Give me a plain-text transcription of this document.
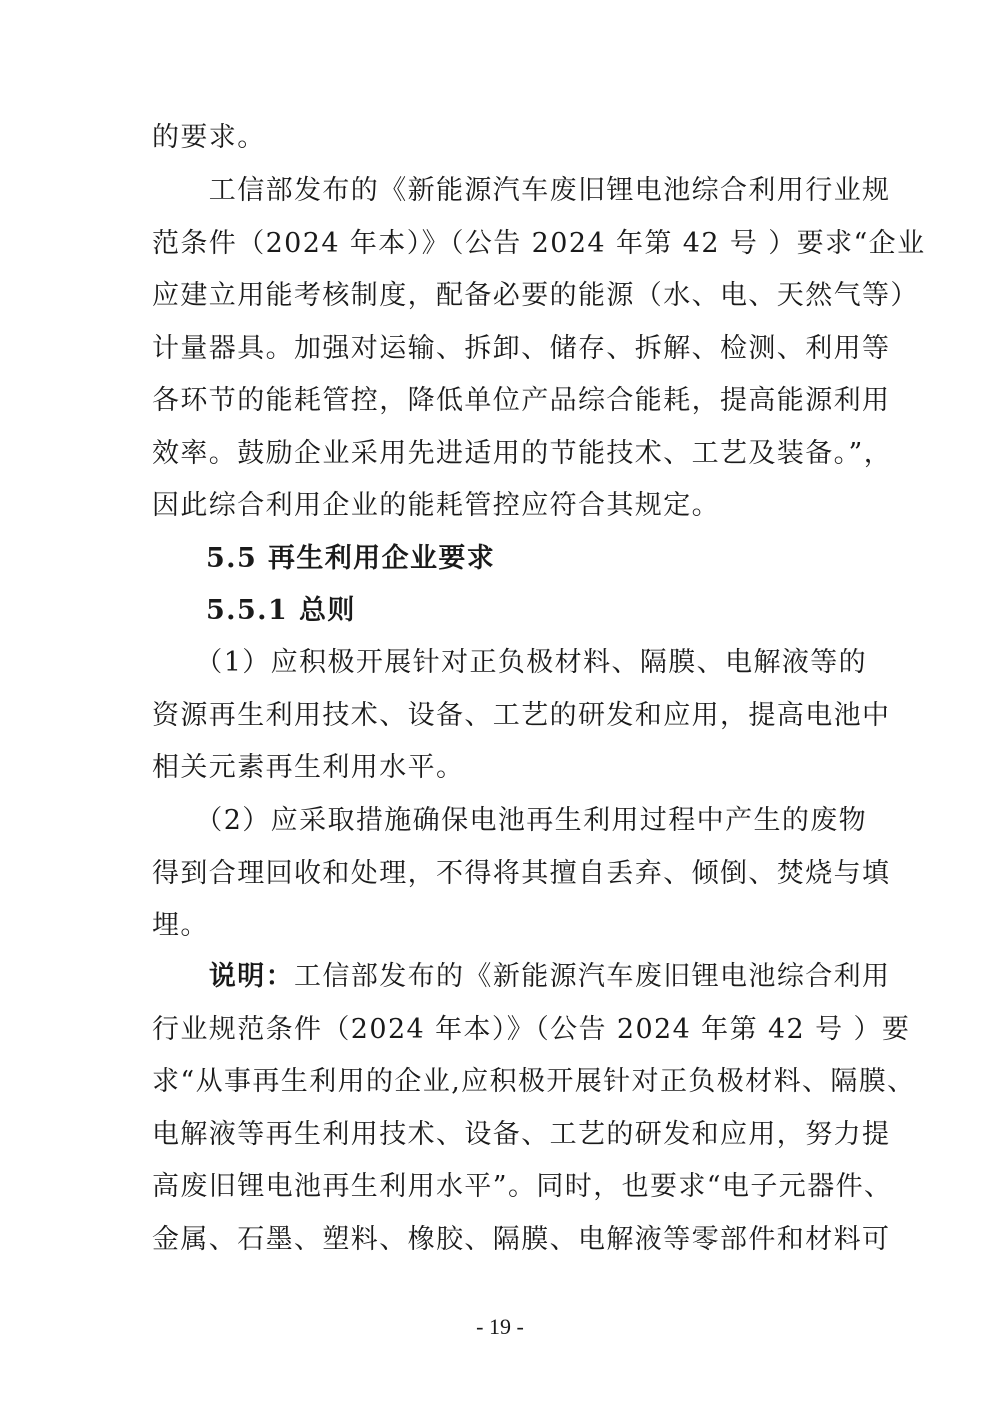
的要求。
　　工信部发布的《新能源汽车废旧锂电池综合利用行业规
范条件（2024 年本）》（公告 2024 年第 42 号 ）要求“企业
应建立用能考核制度，配备必要的能源（水、电、天然气等）
计量器具。加强对运输、拆卸、储存、拆解、检测、利用等
各环节的能耗管控，降低单位产品综合能耗，提高能源利用
效率。鼓励企业采用先进适用的节能技术、工艺及装备。”，
因此综合利用企业的能耗管控应符合其规定。
5.5 再生利用企业要求
5.5.1 总则
　　（1）应积极开展针对正负极材料、隔膜、电解液等的
资源再生利用技术、设备、工艺的研发和应用，提高电池中
相关元素再生利用水平。
　　（2）应采取措施确保电池再生利用过程中产生的废物
得到合理回收和处理，不得将其擅自丢弃、倾倒、焚烧与填
埋。
　　说明：工信部发布的《新能源汽车废旧锂电池综合利用
行业规范条件（2024 年本）》（公告 2024 年第 42 号 ）要
求“从事再生利用的企业,应积极开展针对正负极材料、隔膜、
电解液等再生利用技术、设备、工艺的研发和应用，努力提
高废旧锂电池再生利用水平”。同时，也要求“电子元器件、
金属、石墨、塑料、橡胶、隔膜、电解液等零部件和材料可
- 19 -
